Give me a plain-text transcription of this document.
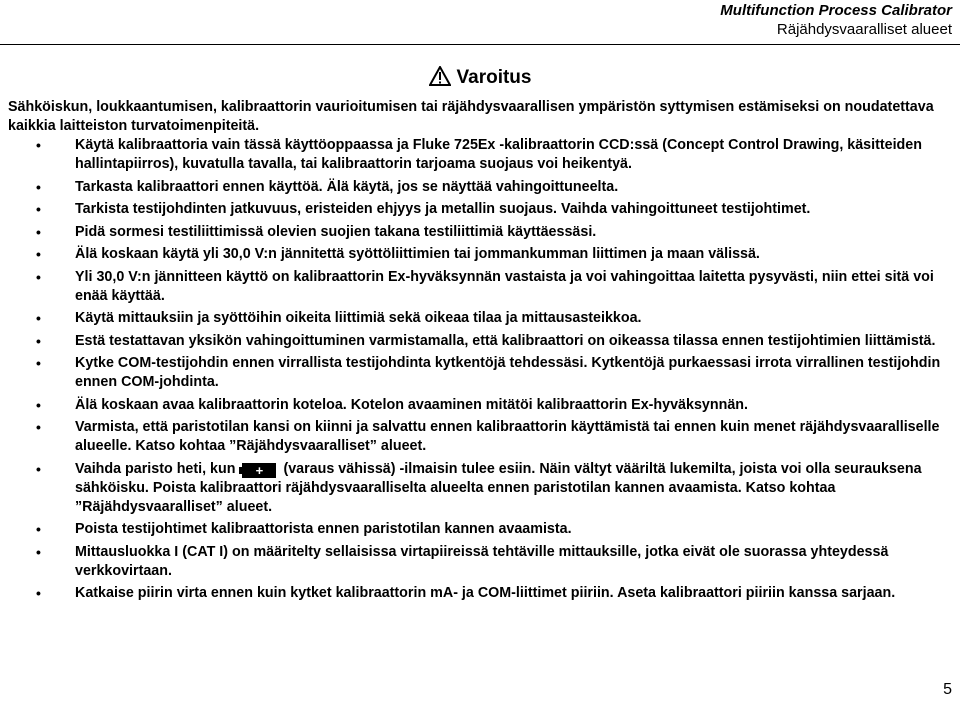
Multifunction Process Calibrator
Räjähdysvaaralliset alueet
Varoitus
Sähköiskun, loukkaantumisen, kalibraattorin vaurioitumisen tai räjähdysvaarallisen ympäristön syttymisen estämiseksi on noudatettava kaikkia laitteiston turvatoimenpiteitä.
• Käytä kalibraattoria vain tässä käyttöoppaassa ja Fluke 725Ex -kalibraattorin CCD:ssä (Concept Control Drawing, käsitteiden hallintapiirros), kuvatulla tavalla, tai kalibraattorin tarjoama suojaus voi heikentyä.
• Tarkasta kalibraattori ennen käyttöä. Älä käytä, jos se näyttää vahingoittuneelta.
• Tarkista testijohdinten jatkuvuus, eristeiden ehjyys ja metallin suojaus. Vaihda vahingoittuneet testijohtimet.
• Pidä sormesi testiliittimissä olevien suojien takana testiliittimiä käyttäessäsi.
• Älä koskaan käytä yli 30,0 V:n jännitettä syöttöliittimien tai jommankumman liittimen ja maan välissä.
• Yli 30,0 V:n jännitteen käyttö on kalibraattorin Ex-hyväksynnän vastaista ja voi vahingoittaa laitetta pysyvästi, niin ettei sitä voi enää käyttää.
• Käytä mittauksiin ja syöttöihin oikeita liittimiä sekä oikeaa tilaa ja mittausasteikkoa.
• Estä testattavan yksikön vahingoittuminen varmistamalla, että kalibraattori on oikeassa tilassa ennen testijohtimien liittämistä.
• Kytke COM-testijohdin ennen virrallista testijohdinta kytkentöjä tehdessäsi. Kytkentöjä purkaessasi irrota virrallinen testijohdin ennen COM-johdinta.
• Älä koskaan avaa kalibraattorin koteloa. Kotelon avaaminen mitätöi kalibraattorin Ex-hyväksynnän.
• Varmista, että paristotilan kansi on kiinni ja salvattu ennen kalibraattorin käyttämistä tai ennen kuin menet räjähdysvaaralliselle alueelle. Katso kohtaa ”Räjähdysvaaralliset” alueet.
• Vaihda paristo heti, kun + (varaus vähissä) -ilmaisin tulee esiin. Näin vältyt vääriltä lukemilta, joista voi olla seurauksena sähköisku. Poista kalibraattori räjähdysvaaralliselta alueelta ennen paristotilan kannen avaamista. Katso kohtaa ”Räjähdysvaaralliset” alueet.
• Poista testijohtimet kalibraattorista ennen paristotilan kannen avaamista.
• Mittausluokka I (CAT I) on määritelty sellaisissa virtapiireissä tehtäville mittauksille, jotka eivät ole suorassa yhteydessä verkkovirtaan.
• Katkaise piirin virta ennen kuin kytket kalibraattorin mA- ja COM-liittimet piiriin. Aseta kalibraattori piiriin kanssa sarjaan.
5
